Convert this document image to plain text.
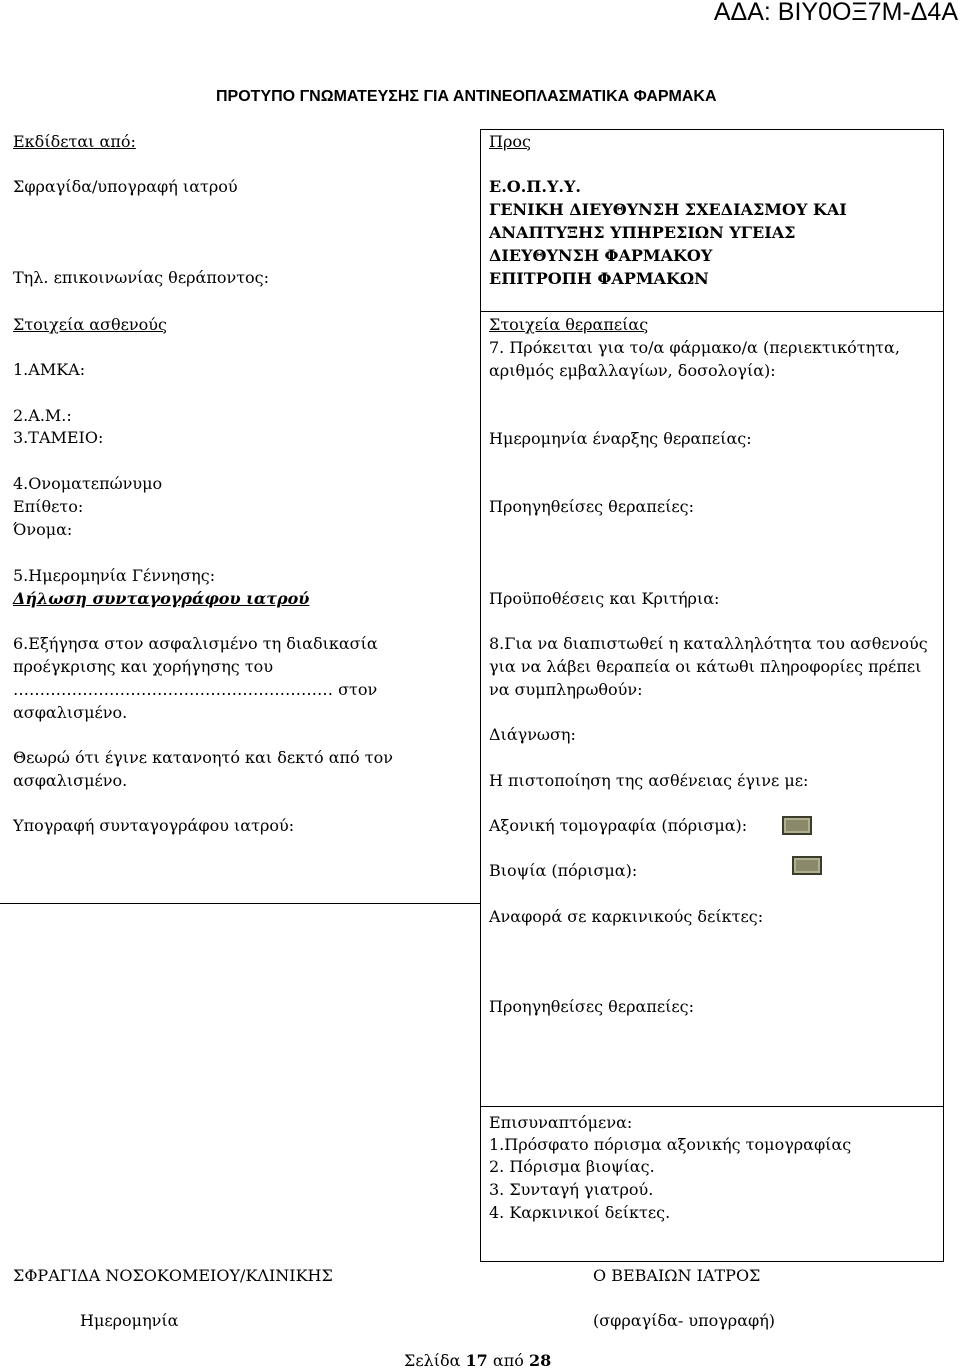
ΑΔΑ: ΒΙΥ0ΟΞ7Μ-Δ4Α
ΠΡΟΤΥΠΟ ΓΝΩΜΑΤΕΥΣΗΣ ΓΙΑ ΑΝΤΙΝΕΟΠΛΑΣΜΑΤΙΚΑ ΦΑΡΜΑΚΑ
Εκδίδεται από:
Σφραγίδα/υπογραφή ιατρού
Τηλ. επικοινωνίας θεράποντος:
Στοιχεία ασθενούς
1.ΑΜΚΑ:
2.Α.Μ.:
3.ΤΑΜΕΙΟ:
4.Ονοματεπώνυμο
Επίθετο:
Όνομα:
5.Ημερομηνία Γέννησης:
Δήλωση συνταγογράφου ιατρού
6.Εξήγησα στον ασφαλισμένο τη διαδικασία
προέγκρισης και χορήγησης του
…………………………………………………… στον
ασφαλισμένο.
Θεωρώ ότι έγινε κατανοητό και δεκτό από τον
ασφαλισμένο.
Υπογραφή συνταγογράφου ιατρού:
Προς
Ε.Ο.Π.Υ.Υ.
ΓΕΝΙΚΗ ΔΙΕΥΘΥΝΣΗ ΣΧΕΔΙΑΣΜΟΥ ΚΑΙ
ΑΝΑΠΤΥΞΗΣ ΥΠΗΡΕΣΙΩΝ ΥΓΕΙΑΣ
ΔΙΕΥΘΥΝΣΗ ΦΑΡΜΑΚΟΥ
ΕΠΙΤΡΟΠΗ ΦΑΡΜΑΚΩΝ
Στοιχεία θεραπείας
7. Πρόκειται για το/α φάρμακο/α (περιεκτικότητα,
αριθμός εμβαλλαγίων, δοσολογία):
Ημερομηνία έναρξης θεραπείας:
Προηγηθείσες θεραπείες:
Προϋποθέσεις και Κριτήρια:
8.Για να διαπιστωθεί η καταλληλότητα του ασθενούς
για να λάβει θεραπεία οι κάτωθι πληροφορίες πρέπει
να συμπληρωθούν:
Διάγνωση:
Η πιστοποίηση της ασθένειας έγινε με:
Αξονική τομογραφία (πόρισμα):
Βιοψία (πόρισμα):
Αναφορά σε καρκινικούς δείκτες:
Προηγηθείσες θεραπείες:
Επισυναπτόμενα:
1.Πρόσφατο πόρισμα αξονικής τομογραφίας
2. Πόρισμα βιοψίας.
3. Συνταγή γιατρού.
4. Καρκινικοί δείκτες.
ΣΦΡΑΓΙΔΑ ΝΟΣΟΚΟΜΕΙΟΥ/ΚΛΙΝΙΚΗΣ
Ημερομηνία
Ο ΒΕΒΑΙΩΝ ΙΑΤΡΟΣ
(σφραγίδα- υπογραφή)
Σελίδα 17 από 28
